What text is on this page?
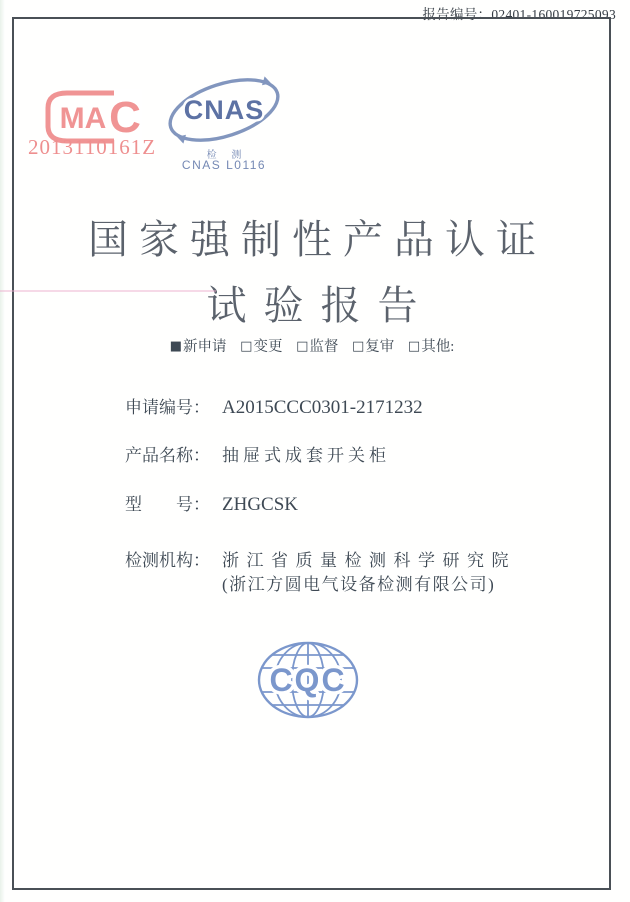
报告编号：02401-160019725093
MA C
2013110161Z
CNAS
检 测
CNAS L0116
国家强制性产品认证
试验报告
■新申请 □变更 □监督 □复审 □其他:
申请编号： A2015CCC0301-2171232
产品名称： 抽屉式成套开关柜
型　　号： ZHGCSK
检测机构： 浙江省质量检测科学研究院
(浙江方圆电气设备检测有限公司)
CQC
